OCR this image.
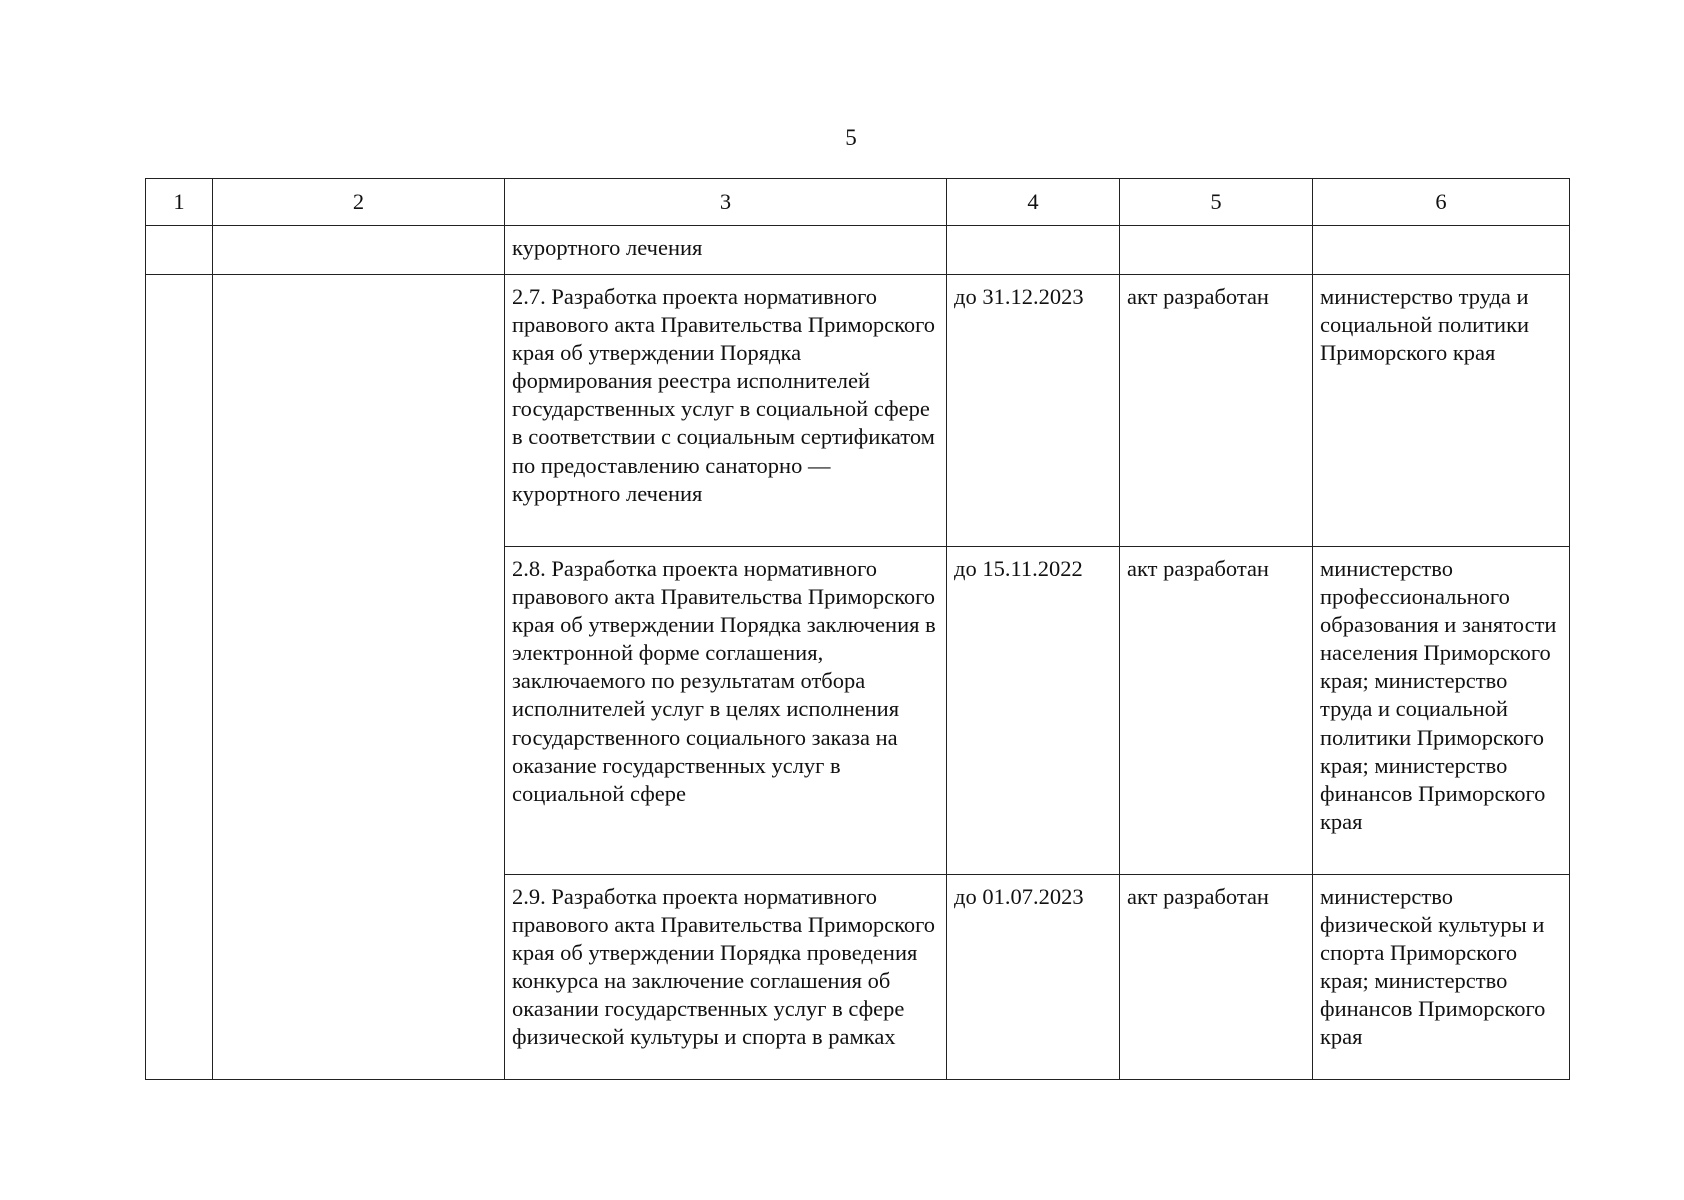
5
1	2	3	4	5	6
		курортного лечения			
		2.7. Разработка проекта нормативного правового акта Правительства Приморского края об утверждении Порядка формирования реестра исполнителей государственных услуг в социальной сфере в соответствии с социальным сертификатом по предоставлению санаторно — курортного лечения	до 31.12.2023	акт разработан	министерство труда и социальной политики Приморского края
		2.8. Разработка проекта нормативного правового акта Правительства Приморского края об утверждении Порядка заключения в электронной форме соглашения, заключаемого по результатам отбора исполнителей услуг в целях исполнения государственного социального заказа на оказание государственных услуг в социальной сфере	до 15.11.2022	акт разработан	министерство профессионального образования и занятости населения Приморского края; министерство труда и социальной политики Приморского края; министерство финансов Приморского края
		2.9. Разработка проекта нормативного правового акта Правительства Приморского края об утверждении Порядка проведения конкурса на заключение соглашения об оказании государственных услуг в сфере физической культуры и спорта в рамках	до 01.07.2023	акт разработан	министерство физической культуры и спорта Приморского края; министерство финансов Приморского края
